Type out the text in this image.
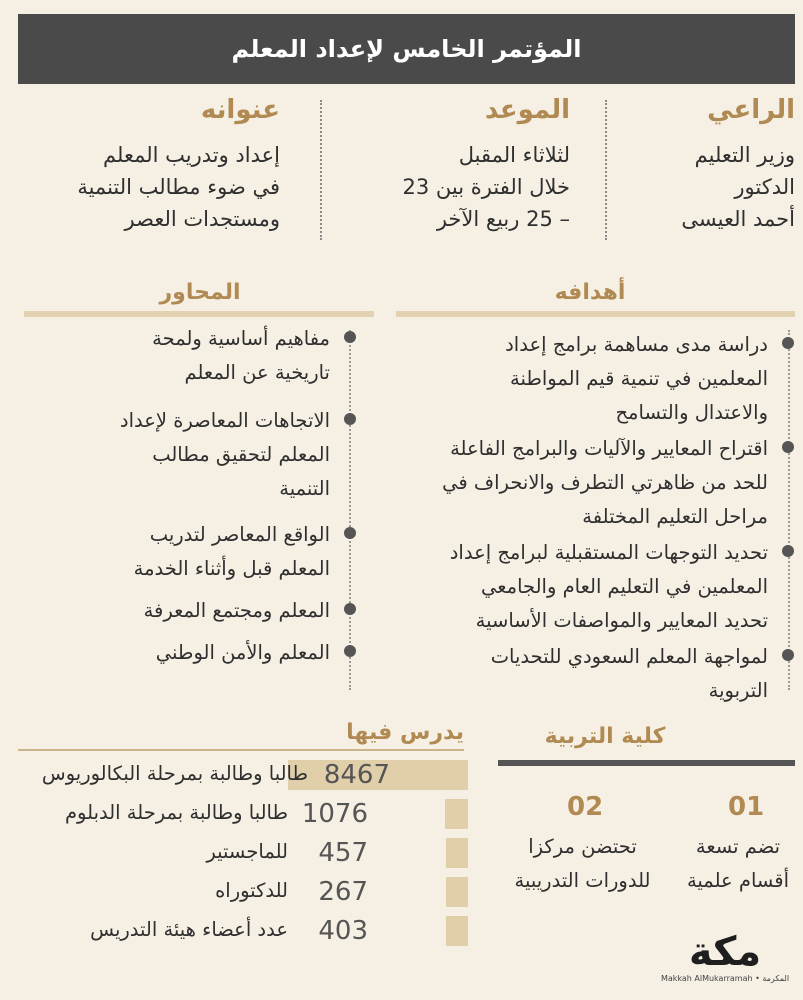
المؤتمر الخامس لإعداد المعلم
الراعي
وزير التعليم
الدكتور
أحمد العيسى
الموعد
لثلاثاء المقبل
خلال الفترة بين 23
– 25 ربيع الآخر
عنوانه
إعداد وتدريب المعلم
في ضوء مطالب التنمية
ومستجدات العصر
أهدافه
المحاور
دراسة مدى مساهمة برامج إعداد
المعلمين في تنمية قيم المواطنة
والاعتدال والتسامح
اقتراح المعايير والآليات والبرامج الفاعلة
للحد من ظاهرتي التطرف والانحراف في
مراحل التعليم المختلفة
تحديد التوجهات المستقبلية لبرامج إعداد
المعلمين في التعليم العام والجامعي
تحديد المعايير والمواصفات الأساسية
لمواجهة المعلم السعودي للتحديات
التربوية
مفاهيم أساسية ولمحة
تاريخية عن المعلم
الاتجاهات المعاصرة لإعداد
المعلم لتحقيق مطالب
التنمية
الواقع المعاصر لتدريب
المعلم قبل وأثناء الخدمة
المعلم ومجتمع المعرفة
المعلم والأمن الوطني
كلية التربية
01
تضم تسعة
أقسام علمية
02
تحتضن مركزا
للدورات التدريبية
يدرس فيها
8467
طالبا وطالبة بمرحلة البكالوريوس
1076
طالبا وطالبة بمرحلة الدبلوم
457
للماجستير
267
للدكتوراه
403
عدد أعضاء هيئة التدريس	مكة
Makkah AlMukarramah • المكرمة
